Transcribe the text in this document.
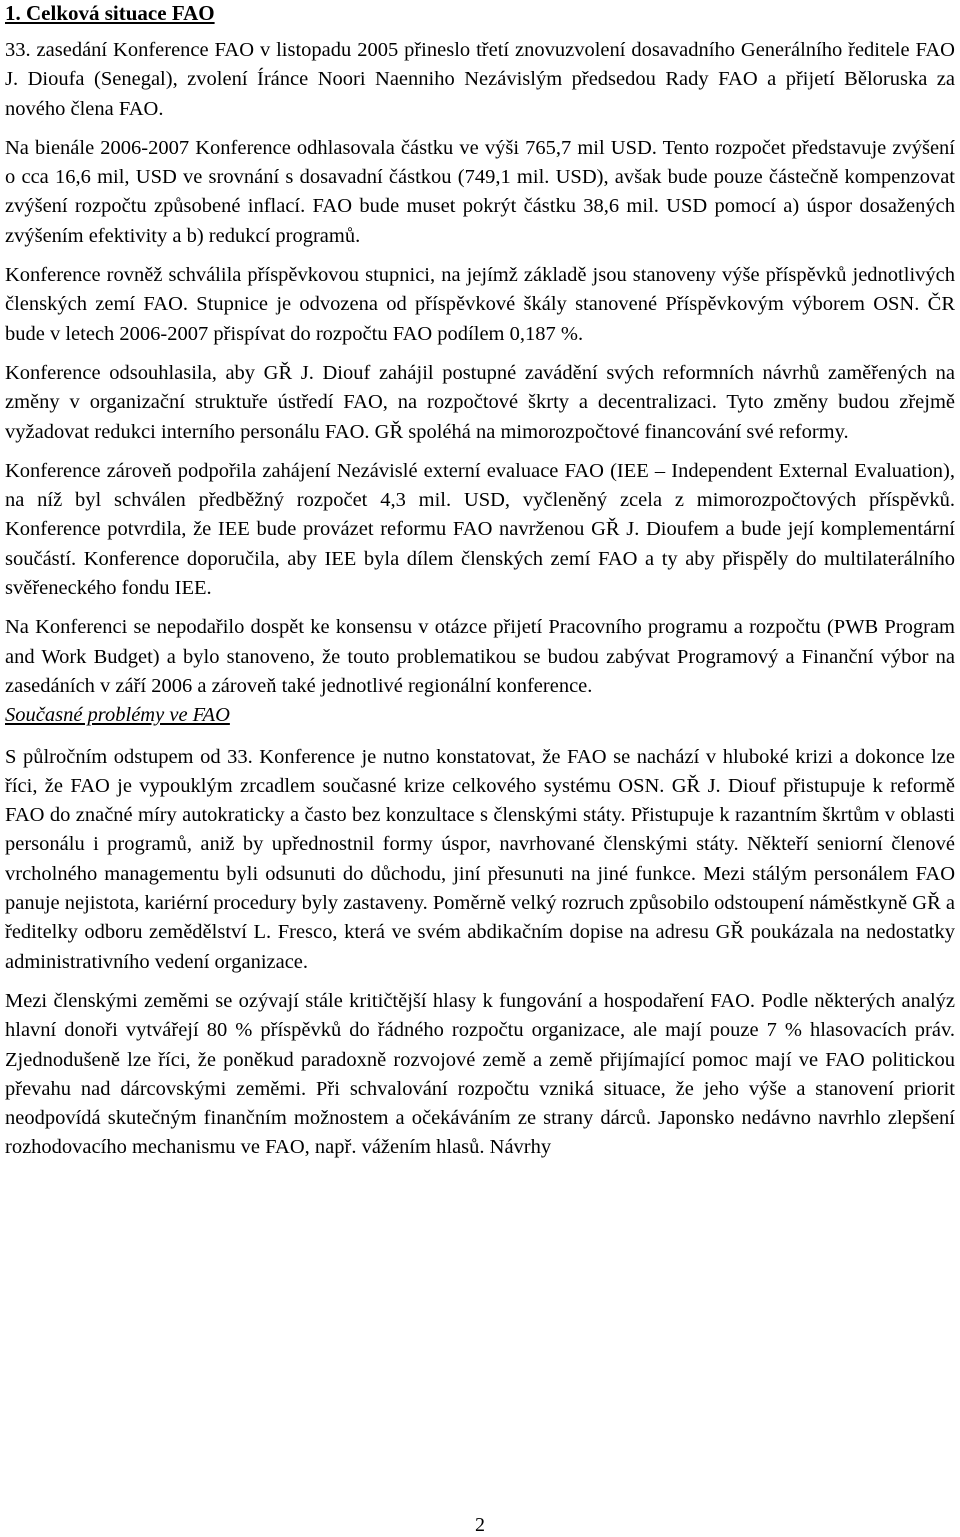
1. Celková situace FAO

33. zasedání Konference FAO v listopadu 2005 přineslo třetí znovuzvolení dosavadního Generálního ředitele FAO J. Dioufa (Senegal), zvolení Íránce Noori Naenniho Nezávislým předsedou Rady FAO a přijetí Běloruska za nového člena FAO.

Na bienále 2006-2007 Konference odhlasovala částku ve výši 765,7 mil USD. Tento rozpočet představuje zvýšení o cca 16,6 mil, USD ve srovnání s dosavadní částkou (749,1 mil. USD), avšak bude pouze částečně kompenzovat zvýšení rozpočtu způsobené inflací. FAO bude muset pokrýt částku 38,6 mil. USD pomocí a) úspor dosažených zvýšením efektivity a b) redukcí programů.

Konference rovněž schválila příspěvkovou stupnici, na jejímž základě jsou stanoveny výše příspěvků jednotlivých členských zemí FAO. Stupnice je odvozena od příspěvkové škály stanovené Příspěvkovým výborem OSN. ČR bude v letech 2006-2007 přispívat do rozpočtu FAO podílem 0,187 %.

Konference odsouhlasila, aby GŘ J. Diouf zahájil postupné zavádění svých reformních návrhů zaměřených na změny v organizační struktuře ústředí FAO, na rozpočtové škrty a decentralizaci. Tyto změny budou zřejmě vyžadovat redukci interního personálu FAO. GŘ spoléhá na mimorozpočtové financování své reformy.

Konference zároveň podpořila zahájení Nezávislé externí evaluace FAO (IEE – Independent External Evaluation), na níž byl schválen předběžný rozpočet 4,3 mil. USD, vyčleněný zcela z mimorozpočtových příspěvků. Konference potvrdila, že IEE bude provázet reformu FAO navrženou GŘ J. Dioufem a bude její komplementární součástí. Konference doporučila, aby IEE byla dílem členských zemí FAO a ty aby přispěly do multilaterálního svěřeneckého fondu IEE.

Na Konferenci se nepodařilo dospět ke konsensu v otázce přijetí Pracovního programu a rozpočtu (PWB Program and Work Budget) a bylo stanoveno, že touto problematikou se budou zabývat Programový a Finanční výbor na zasedáních v září 2006 a zároveň také jednotlivé regionální konference.

Současné problémy ve FAO

S půlročním odstupem od 33. Konference je nutno konstatovat, že FAO se nachází v hluboké krizi a dokonce lze říci, že FAO je vypouklým zrcadlem současné krize celkového systému OSN. GŘ J. Diouf přistupuje k reformě FAO do značné míry autokraticky a často bez konzultace s členskými státy. Přistupuje k razantním škrtům v oblasti personálu i programů, aniž by upřednostnil formy úspor, navrhované členskými státy. Někteří seniorní členové vrcholného managementu byli odsunuti do důchodu, jiní přesunuti na jiné funkce. Mezi stálým personálem FAO panuje nejistota, kariérní procedury byly zastaveny. Poměrně velký rozruch způsobilo odstoupení náměstkyně GŘ a ředitelky odboru zemědělství L. Fresco, která ve svém abdikačním dopise na adresu GŘ poukázala na nedostatky administrativního vedení organizace.

Mezi členskými zeměmi se ozývají stále kritičtější hlasy k fungování a hospodaření FAO. Podle některých analýz hlavní donoři vytvářejí 80 % příspěvků do řádného rozpočtu organizace, ale mají pouze 7 % hlasovacích práv. Zjednodušeně lze říci, že poněkud paradoxně rozvojové země a země přijímající pomoc mají ve FAO politickou převahu nad dárcovskými zeměmi. Při schvalování rozpočtu vzniká situace, že jeho výše a stanovení priorit neodpovídá skutečným finančním možnostem a očekáváním ze strany dárců. Japonsko nedávno navrhlo zlepšení rozhodovacího mechanismu ve FAO, např. vážením hlasů. Návrhy

2
